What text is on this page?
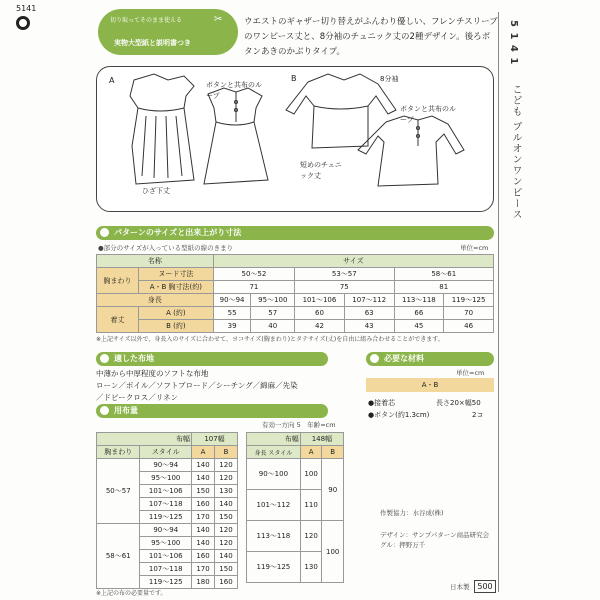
5141
✂
切り取ってそのまま使える
実物大型紙と説明書つき
ウエストのギャザー切り替えがふんわり優しい、フレンチスリーブのワンピース丈と、8分袖のチュニック丈の2種デザイン。後ろボタンあきのかぶりタイプ。	5 1 4 1
こども ブルオンワンピース
A	B
ボタンと共布のループ
ひざ下丈
8分袖
ボタンと共布のループ
短めのチュニック丈
パターンのサイズと出来上がり寸法
●部分のサイズが入っている型紙の線のきまり	単位=cm
名称		サイズ					
胸まわり	ヌード寸法	50～52		53～57		58～61	
	A・B 胸寸法(約)	71		75		81	
身長		90～94	95～100	101～106	107～112	113～118	119～125
着丈	A (約)	55	57	60	63	66	70
	B (約)	39	40	42	43	45	46
※上記サイズ以外で、身長入のサイズに合わせて、ヨコサイズ(胸まわり)とタテサイズ(丈)を自由に組み合わせることができます。
適した布地
中薄から中厚程度のソフトな布地
ローン／ボイル／ソフトブロード／シーチング／綿麻／先染
／ドビークロス／リネン
必要な材料
単位=cm
A・B
●接着芯	長さ20×幅50
●ボタン(約1.3cm)	2コ
用布量
有効一方向 5　年齢=cm
布幅		107幅	
胸まわり	スタイル	A	B
50～57	90～94	140	120
	95～100	140	120
	101～106	150	130
	107～118	160	140
	119～125	170	150
58～61	90～94	140	120
	95～100	140	120
	101～106	160	140
	107～118	170	150
	119～125	180	160
布幅	148幅	
身長 スタイル	A	B
90～100	100	90
101～112	110	
113～118	120	100
119～125	130	
※上記の布の必要量です。
作製協力：水谷成(株)
デザイン：サンプパターン商品研究会
グル：押野万千
日本製 500
